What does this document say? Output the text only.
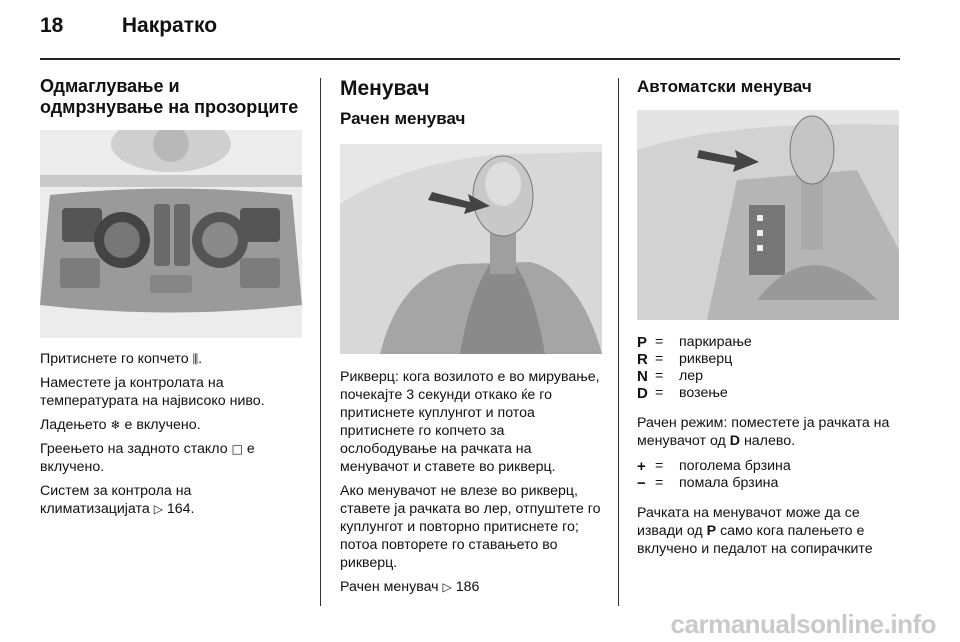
18	Накратко
Одмаглување и одмрзнување на прозорците

Притиснете го копчето ⫼.

Наместете ја контролата на температурата на највисоко ниво.

Ладењето ❄ е вклучено.

Греењето на задното стакло □ е вклучено.

Систем за контрола на климатизацијата ▷ 164.

Менувач
Рачен менувач

Рикверц: кога возилото е во мирување, почекајте 3 секунди откако ќе го притиснете куплунгот и потоа притиснете го копчето за ослободување на рачката на менувачот и ставете во рикверц.

Ако менувачот не влезе во рикверц, ставете ја рачката во лер, отпуштете го куплунгот и повторно притиснете го; потоа повторете го ставањето во рикверц.

Рачен менувач ▷ 186

Автоматски менувач
P =	паркирање
R =	рикверц
N =	лер
D =	возење

Рачен режим: поместете ја рачката на менувачот од D налево.

+ =	поголема брзина
− =	помала брзина

Рачката на менувачот може да се извади од P само кога палењето е вклучено и педалот на сопирачките

carmanualsonline.info
